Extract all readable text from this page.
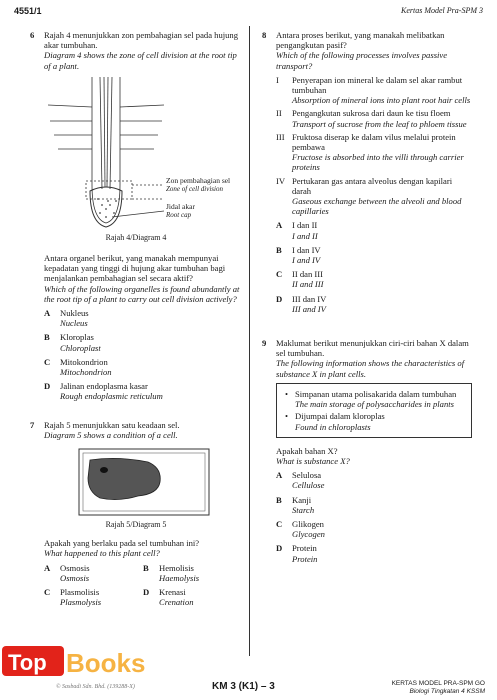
4551/1	Kertas Model Pra-SPM 3
6 Rajah 4 menunjukkan zon pembahagian sel pada hujung akar tumbuhan.
Diagram 4 shows the zone of cell division at the root tip of a plant.
Zon pembahagian sel
Zone of cell division
Jidal akar
Root cap
Rajah 4/Diagram 4
Antara organel berikut, yang manakah mempunyai kepadatan yang tinggi di hujung akar tumbuhan bagi menjalankan pembahagian sel secara aktif?
Which of the following organelles is found abundantly at the root tip of a plant to carry out cell division actively?
A Nukleus
Nucleus
B Kloroplas
Chloroplast
C Mitokondrion
Mitochondrion
D Jalinan endoplasma kasar
Rough endoplasmic reticulum
7 Rajah 5 menunjukkan satu keadaan sel.
Diagram 5 shows a condition of a cell.
Rajah 5/Diagram 5
Apakah yang berlaku pada sel tumbuhan ini?
What happened to this plant cell?
A Osmosis
Osmosis
B Hemolisis
Haemolysis
C Plasmolisis
Plasmolysis
D Krenasi
Crenation
8 Antara proses berikut, yang manakah melibatkan pengangkutan pasif?
Which of the following processes involves passive transport?
I Penyerapan ion mineral ke dalam sel akar rambut tumbuhan
Absorption of mineral ions into plant root hair cells
II Pengangkutan sukrosa dari daun ke tisu floem
Transport of sucrose from the leaf to phloem tissue
III Fruktosa diserap ke dalam vilus melalui protein pembawa
Fructose is absorbed into the villi through carrier proteins
IV Pertukaran gas antara alveolus dengan kapilari darah
Gaseous exchange between the alveoli and blood capillaries
A I dan II
I and II
B I dan IV
I and IV
C II dan III
II and III
D III dan IV
III and IV
9 Maklumat berikut menunjukkan ciri-ciri bahan X dalam sel tumbuhan.
The following information shows the characteristics of substance X in plant cells.
• Simpanan utama polisakarida dalam tumbuhan
The main storage of polysaccharides in plants
• Dijumpai dalam kloroplas
Found in chloroplasts
Apakah bahan X?
What is substance X?
A Selulosa
Cellulose
B Kanji
Starch
C Glikogen
Glycogen
D Protein
Protein
Top Books
© Sasbadi Sdn. Bhd. (139288-X)	KM 3 (K1) – 3	KERTAS MODEL PRA-SPM GO
Biologi Tingkatan 4 KSSM
